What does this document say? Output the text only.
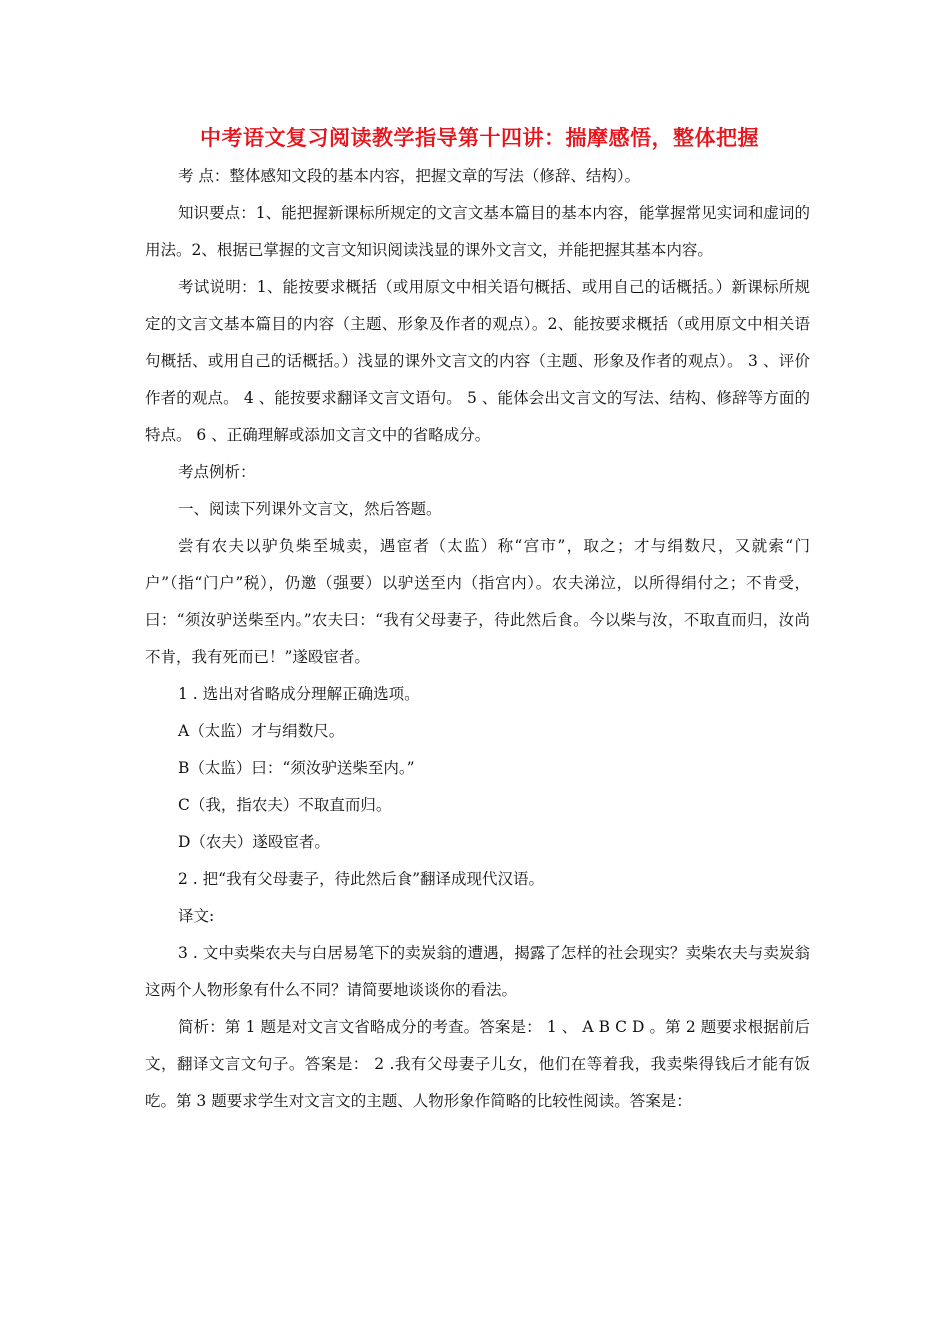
中考语文复习阅读教学指导第十四讲：揣摩感悟，整体把握

考 点：整体感知文段的基本内容，把握文章的写法（修辞、结构）。

知识要点：1、能把握新课标所规定的文言文基本篇目的基本内容，能掌握常见实词和虚词的用法。2、根据已掌握的文言文知识阅读浅显的课外文言文，并能把握其基本内容。

考试说明：1、能按要求概括（或用原文中相关语句概括、或用自己的话概括。）新课标所规定的文言文基本篇目的内容（主题、形象及作者的观点）。2、能按要求概括（或用原文中相关语句概括、或用自己的话概括。）浅显的课外文言文的内容（主题、形象及作者的观点）。 3 、评价作者的观点。 4 、能按要求翻译文言文语句。 5 、能体会出文言文的写法、结构、修辞等方面的特点。 6 、正确理解或添加文言文中的省略成分。

考点例析：

一、阅读下列课外文言文，然后答题。

尝有农夫以驴负柴至城卖，遇宦者（太监）称“宫市”，取之；才与绢数尺，又就索“门户”（指“门户”税），仍邀（强要）以驴送至内（指宫内）。农夫涕泣，以所得绢付之；不肯受，曰：“须汝驴送柴至内。”农夫曰：“我有父母妻子，待此然后食。今以柴与汝，不取直而归，汝尚不肯，我有死而已！”遂殴宦者。

1 . 选出对省略成分理解正确选项。

A（太监）才与绢数尺。

B（太监）曰：“须汝驴送柴至内。”

C（我，指农夫）不取直而归。

D（农夫）遂殴宦者。

2 . 把“我有父母妻子，待此然后食”翻译成现代汉语。

译文:

3 . 文中卖柴农夫与白居易笔下的卖炭翁的遭遇，揭露了怎样的社会现实？卖柴农夫与卖炭翁这两个人物形象有什么不同？请简要地谈谈你的看法。

简析：第 1 题是对文言文省略成分的考查。答案是： 1 、 A B C D 。第 2 题要求根据前后文，翻译文言文句子。答案是： 2 .我有父母妻子儿女，他们在等着我，我卖柴得钱后才能有饭吃。第 3 题要求学生对文言文的主题、人物形象作简略的比较性阅读。答案是：
